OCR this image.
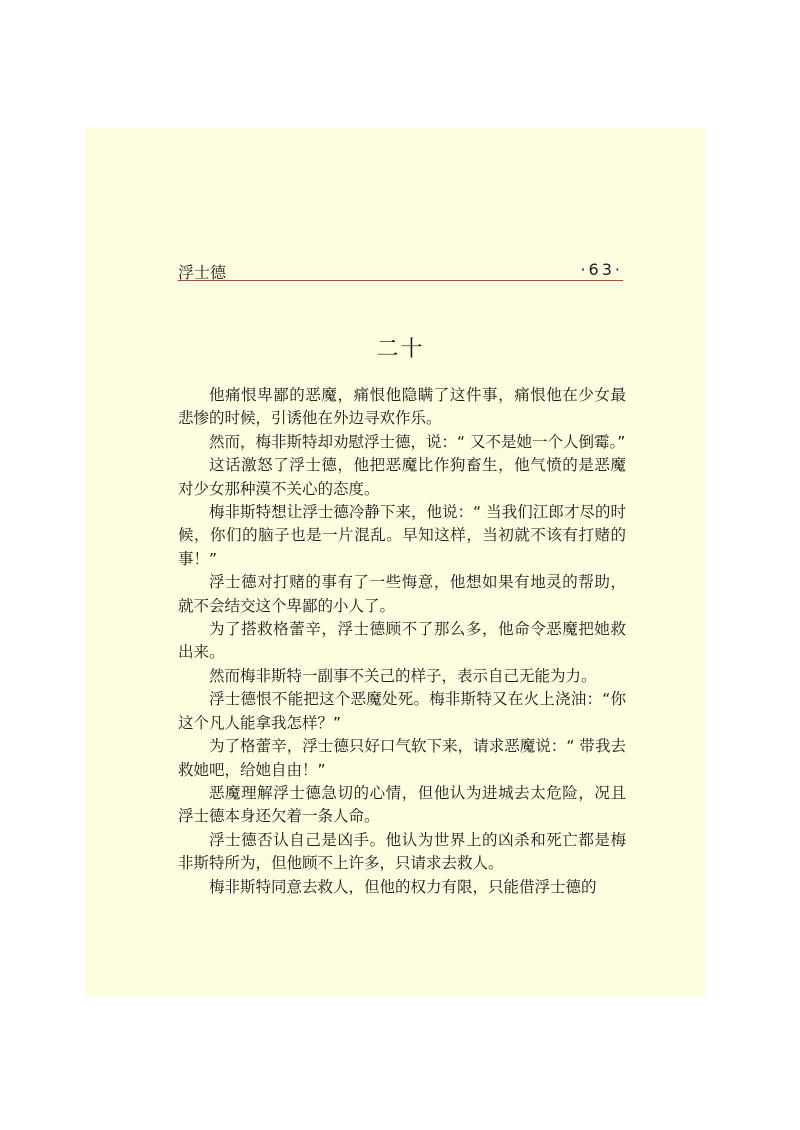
浮士德	·63·
二十

他痛恨卑鄙的恶魔，痛恨他隐瞒了这件事，痛恨他在少女最悲惨的时候，引诱他在外边寻欢作乐。

然而，梅非斯特却劝慰浮士德，说：“ 又不是她一个人倒霉。”

这话激怒了浮士德，他把恶魔比作狗畜生，他气愤的是恶魔对少女那种漠不关心的态度。

梅非斯特想让浮士德冷静下来，他说：“ 当我们江郎才尽的时候，你们的脑子也是一片混乱。早知这样，当初就不该有打赌的事！”

浮士德对打赌的事有了一些悔意，他想如果有地灵的帮助，就不会结交这个卑鄙的小人了。

为了搭救格蕾辛，浮士德顾不了那么多，他命令恶魔把她救出来。

然而梅非斯特一副事不关己的样子，表示自己无能为力。

浮士德恨不能把这个恶魔处死。梅非斯特又在火上浇油：“你这个凡人能拿我怎样？”

为了格蕾辛，浮士德只好口气软下来，请求恶魔说：“ 带我去救她吧，给她自由！”

恶魔理解浮士德急切的心情，但他认为进城去太危险，况且浮士德本身还欠着一条人命。

浮士德否认自己是凶手。他认为世界上的凶杀和死亡都是梅非斯特所为，但他顾不上许多，只请求去救人。

梅非斯特同意去救人，但他的权力有限，只能借浮士德的
